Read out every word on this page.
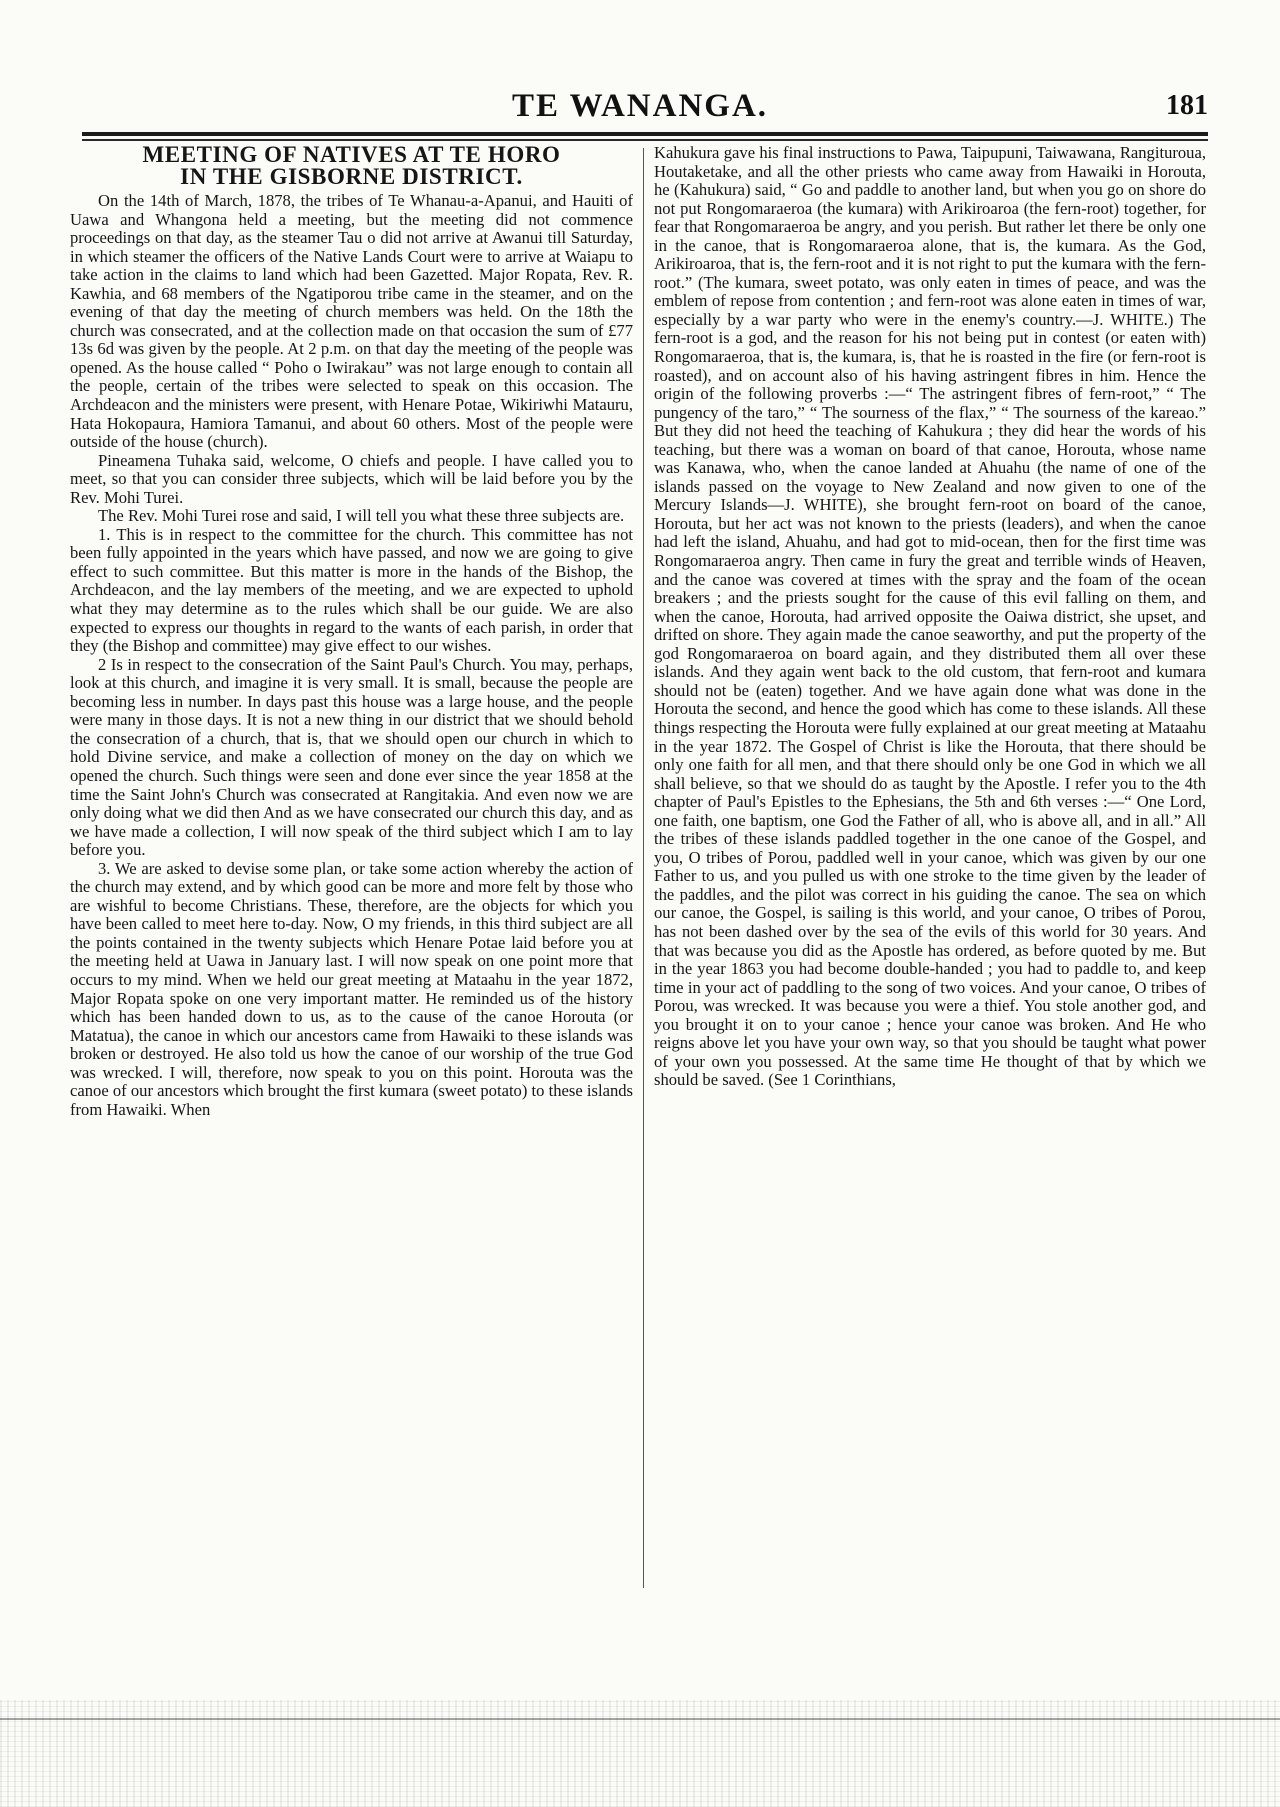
TE WANANGA.	181
MEETING OF NATIVES AT TE HORO
IN THE GISBORNE DISTRICT.

On the 14th of March, 1878, the tribes of Te Whanau-a-Apanui, and Hauiti of Uawa and Whangona held a meeting, but the meeting did not commence proceedings on that day, as the steamer Tau o did not arrive at Awanui till Saturday, in which steamer the officers of the Native Lands Court were to arrive at Waiapu to take action in the claims to land which had been Gazetted. Major Ropata, Rev. R. Kawhia, and 68 members of the Ngatiporou tribe came in the steamer, and on the evening of that day the meeting of church members was held. On the 18th the church was consecrated, and at the collection made on that occasion the sum of £77 13s 6d was given by the people. At 2 p.m. on that day the meeting of the people was opened. As the house called “ Poho o Iwirakau” was not large enough to contain all the people, certain of the tribes were selected to speak on this occasion. The Archdeacon and the ministers were present, with Henare Potae, Wikiriwhi Matauru, Hata Hokopaura, Hamiora Tamanui, and about 60 others. Most of the people were outside of the house (church).

Pineamena Tuhaka said, welcome, O chiefs and people. I have called you to meet, so that you can consider three subjects, which will be laid before you by the Rev. Mohi Turei.

The Rev. Mohi Turei rose and said, I will tell you what these three subjects are.

1. This is in respect to the committee for the church. This committee has not been fully appointed in the years which have passed, and now we are going to give effect to such committee. But this matter is more in the hands of the Bishop, the Archdeacon, and the lay members of the meeting, and we are expected to uphold what they may determine as to the rules which shall be our guide. We are also expected to express our thoughts in regard to the wants of each parish, in order that they (the Bishop and committee) may give effect to our wishes.

2 Is in respect to the consecration of the Saint Paul's Church. You may, perhaps, look at this church, and imagine it is very small. It is small, because the people are becoming less in number. In days past this house was a large house, and the people were many in those days. It is not a new thing in our district that we should behold the consecration of a church, that is, that we should open our church in which to hold Divine service, and make a collection of money on the day on which we opened the church. Such things were seen and done ever since the year 1858 at the time the Saint John's Church was consecrated at Rangitakia. And even now we are only doing what we did then And as we have consecrated our church this day, and as we have made a collection, I will now speak of the third subject which I am to lay before you.

3. We are asked to devise some plan, or take some action whereby the action of the church may extend, and by which good can be more and more felt by those who are wishful to become Christians. These, therefore, are the objects for which you have been called to meet here to-day. Now, O my friends, in this third subject are all the points contained in the twenty subjects which Henare Potae laid before you at the meeting held at Uawa in January last. I will now speak on one point more that occurs to my mind. When we held our great meeting at Mataahu in the year 1872, Major Ropata spoke on one very important matter. He reminded us of the history which has been handed down to us, as to the cause of the canoe Horouta (or Matatua), the canoe in which our ancestors came from Hawaiki to these islands was broken or destroyed. He also told us how the canoe of our worship of the true God was wrecked. I will, therefore, now speak to you on this point. Horouta was the canoe of our ancestors which brought the first kumara (sweet potato) to these islands from Hawaiki. When

Kahukura gave his final instructions to Pawa, Taipupuni, Taiwawana, Rangituroua, Houtaketake, and all the other priests who came away from Hawaiki in Horouta, he (Kahukura) said, “ Go and paddle to another land, but when you go on shore do not put Rongomaraeroa (the kumara) with Arikiroaroa (the fern-root) together, for fear that Rongomaraeroa be angry, and you perish. But rather let there be only one in the canoe, that is Rongomaraeroa alone, that is, the kumara. As the God, Arikiroaroa, that is, the fern-root and it is not right to put the kumara with the fern-root.” (The kumara, sweet potato, was only eaten in times of peace, and was the emblem of repose from contention ; and fern-root was alone eaten in times of war, especially by a war party who were in the enemy's country.—J. WHITE.) The fern-root is a god, and the reason for his not being put in contest (or eaten with) Rongomaraeroa, that is, the kumara, is, that he is roasted in the fire (or fern-root is roasted), and on account also of his having astringent fibres in him. Hence the origin of the following proverbs :—“ The astringent fibres of fern-root,” “ The pungency of the taro,” “ The sourness of the flax,” “ The sourness of the kareao.” But they did not heed the teaching of Kahukura ; they did hear the words of his teaching, but there was a woman on board of that canoe, Horouta, whose name was Kanawa, who, when the canoe landed at Ahuahu (the name of one of the islands passed on the voyage to New Zealand and now given to one of the Mercury Islands—J. WHITE), she brought fern-root on board of the canoe, Horouta, but her act was not known to the priests (leaders), and when the canoe had left the island, Ahuahu, and had got to mid-ocean, then for the first time was Rongomaraeroa angry. Then came in fury the great and terrible winds of Heaven, and the canoe was covered at times with the spray and the foam of the ocean breakers ; and the priests sought for the cause of this evil falling on them, and when the canoe, Horouta, had arrived opposite the Oaiwa district, she upset, and drifted on shore. They again made the canoe seaworthy, and put the property of the god Rongomaraeroa on board again, and they distributed them all over these islands. And they again went back to the old custom, that fern-root and kumara should not be (eaten) together. And we have again done what was done in the Horouta the second, and hence the good which has come to these islands. All these things respecting the Horouta were fully explained at our great meeting at Mataahu in the year 1872. The Gospel of Christ is like the Horouta, that there should be only one faith for all men, and that there should only be one God in which we all shall believe, so that we should do as taught by the Apostle. I refer you to the 4th chapter of Paul's Epistles to the Ephesians, the 5th and 6th verses :—“ One Lord, one faith, one baptism, one God the Father of all, who is above all, and in all.” All the tribes of these islands paddled together in the one canoe of the Gospel, and you, O tribes of Porou, paddled well in your canoe, which was given by our one Father to us, and you pulled us with one stroke to the time given by the leader of the paddles, and the pilot was correct in his guiding the canoe. The sea on which our canoe, the Gospel, is sailing is this world, and your canoe, O tribes of Porou, has not been dashed over by the sea of the evils of this world for 30 years. And that was because you did as the Apostle has ordered, as before quoted by me. But in the year 1863 you had become double-handed ; you had to paddle to, and keep time in your act of paddling to the song of two voices. And your canoe, O tribes of Porou, was wrecked. It was because you were a thief. You stole another god, and you brought it on to your canoe ; hence your canoe was broken. And He who reigns above let you have your own way, so that you should be taught what power of your own you possessed. At the same time He thought of that by which we should be saved. (See 1 Corinthians,
